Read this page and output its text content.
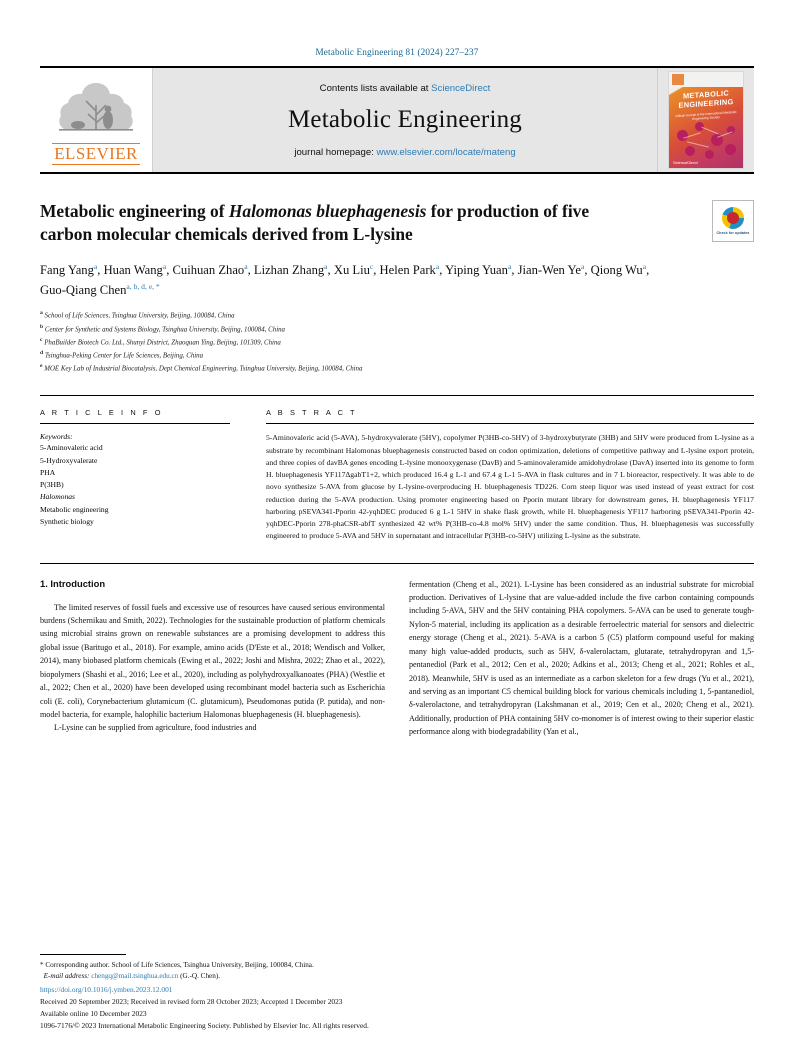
Metabolic Engineering 81 (2024) 227–237
ELSEVIER
Contents lists available at ScienceDirect
Metabolic Engineering
journal homepage: www.elsevier.com/locate/mateng
METABOLIC ENGINEERING
Official Journal of the International Metabolic Engineering Society
ScienceDirect
Check for updates
Metabolic engineering of Halomonas bluephagenesis for production of five carbon molecular chemicals derived from L-lysine
Fang Yang$^a$, Huan Wang$^a$, Cuihuan Zhao$^a$, Lizhan Zhang$^a$, Xu Liu$^c$, Helen Park$^a$, Yiping Yuan$^a$, Jian-Wen Ye$^a$, Qiong Wu$^a$, Guo-Qiang Chen$^{a, b, d, e, *}$
$^a$ School of Life Sciences, Tsinghua University, Beijing, 100084, China
$^b$ Center for Synthetic and Systems Biology, Tsinghua University, Beijing, 100084, China
$^c$ PhaBuilder Biotech Co. Ltd., Shunyi District, Zhaoquan Ying, Beijing, 101309, China
$^d$ Tsinghua-Peking Center for Life Sciences, Beijing, China
$^e$ MOE Key Lab of Industrial Biocatalysis, Dept Chemical Engineering, Tsinghua University, Beijing, 100084, China
A R T I C L E I N F O
Keywords:
5-Aminovaleric acid
5-Hydroxyvalerate
PHA
P(3HB)
Halomonas
Metabolic engineering
Synthetic biology
A B S T R A C T
5-Aminovaleric acid (5-AVA), 5-hydroxyvalerate (5HV), copolymer P(3HB-co-5HV) of 3-hydroxybutyrate (3HB) and 5HV were produced from L-lysine as a substrate by recombinant Halomonas bluephagenesis constructed based on codon optimization, deletions of competitive pathway and L-lysine export protein, and three copies of davBA genes encoding L-lysine monooxygenase (DavB) and 5-aminovaleramide amidohydrolase (DavA) inserted into its genome to form H. bluephagenesis YF117ΔgabT1+2, which produced 16.4 g L-1 and 67.4 g L-1 5-AVA in flask cultures and in 7 L bioreactor, respectively. It was able to de novo synthesize 5-AVA from glucose by L-lysine-overproducing H. bluephagenesis TD226. Corn steep liquor was used instead of yeast extract for cost reduction during the 5-AVA production. Using promoter engineering based on Pporin mutant library for downstream genes, H. bluephagenesis YF117 harboring pSEVA341-Pporin 42-yqhDEC produced 6 g L-1 5HV in shake flask growth, while H. bluephagenesis YF117 harboring pSEVA341-Pporin 42-yqhDEC-Pporin 278-phaCSR-abfT synthesized 42 wt% P(3HB-co-4.8 mol% 5HV) under the same condition. Thus, H. bluephagenesis was successfully engineered to produce 5-AVA and 5HV in supernatant and intracellular P(3HB-co-5HV) utilizing L-lysine as the substrate.
1. Introduction

The limited reserves of fossil fuels and excessive use of resources have caused serious environmental burdens (Schernikau and Smith, 2022). Technologies for the sustainable production of platform chemicals using microbial strains grown on renewable substances are a promising development to address this global issue (Baritugo et al., 2018). For example, amino acids (D'Este et al., 2018; Wendisch and Volker, 2014), many biobased platform chemicals (Ewing et al., 2022; Joshi and Mishra, 2022; Zhao et al., 2022), biopolymers (Shashi et al., 2016; Lee et al., 2020), including as polyhydroxyalkanoates (PHA) (Westlie et al., 2022; Chen et al., 2020) have been developed using recombinant model bacteria such as Escherichia coli (E. coli), Corynebacterium glutamicum (C. glutamicum), Pseudomonas putida (P. putida), and non-model bacteria, for example, halophilic bacterium Halomonas bluephagenesis (H. bluephagenesis).

L-Lysine can be supplied from agriculture, food industries and

fermentation (Cheng et al., 2021). L-Lysine has been considered as an industrial substrate for microbial production. Derivatives of L-lysine that are value-added include the five carbon containing compounds including 5-AVA, 5HV and the 5HV containing PHA copolymers. 5-AVA can be used to generate tough-Nylon-5 material, including its application as a desirable ferroelectric material for sensors and dielectric energy storage (Cheng et al., 2021). 5-AVA is a carbon 5 (C5) platform compound useful for making many high value-added products, such as 5HV, δ-valerolactam, glutarate, tetrahydropyran and 1,5-pentanediol (Park et al., 2012; Cen et al., 2020; Adkins et al., 2013; Cheng et al., 2021; Rohles et al., 2018). Meanwhile, 5HV is used as an intermediate as a carbon skeleton for a few drugs (Yu et al., 2021), and serving as an important C5 chemical building block for various chemicals including 1, 5-pantanediol, δ-valerolactone, and tetrahydropyran (Lakshmanan et al., 2019; Cen et al., 2020; Cheng et al., 2021). Additionally, production of PHA containing 5HV co-monomer is of interest owing to their superior elastic performance along with biodegradability (Yan et al.,

* Corresponding author. School of Life Sciences, Tsinghua University, Beijing, 100084, China.
E-mail address: chengq@mail.tsinghua.edu.cn (G.-Q. Chen).
https://doi.org/10.1016/j.ymben.2023.12.001
Received 20 September 2023; Received in revised form 28 October 2023; Accepted 1 December 2023
Available online 10 December 2023
1096-7176/© 2023 International Metabolic Engineering Society. Published by Elsevier Inc. All rights reserved.
